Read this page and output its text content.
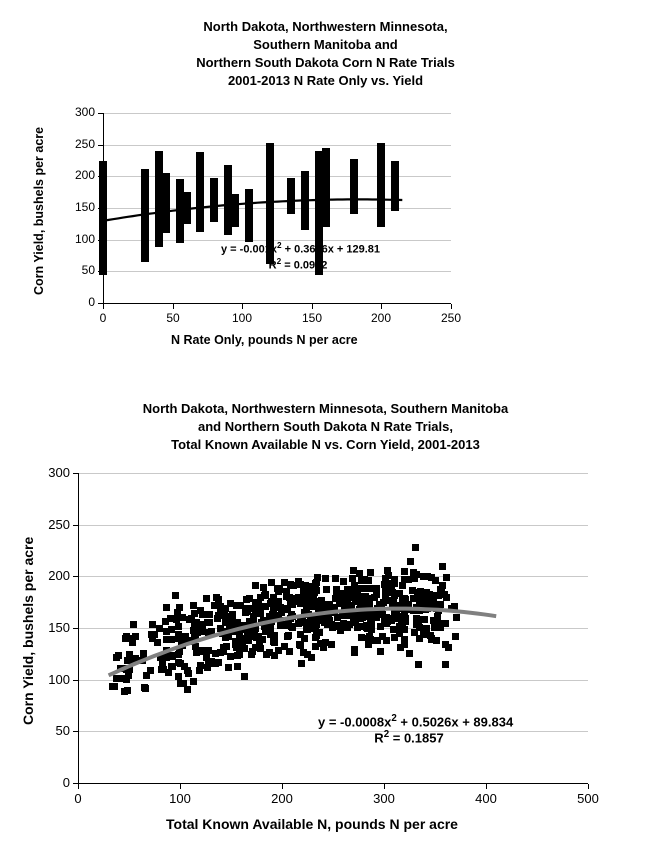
North Dakota, Northwestern Minnesota,
Southern Manitoba and
Northern South Dakota Corn N Rate Trials
2001-2013 N Rate Only vs. Yield
0
50
100
150
200
250
300
0	50	100	150	200	250
$y = -0.001x^2 + 0.3676x + 129.81$
$R^2 = 0.0952$
Corn Yield, bushels per acre
N Rate Only, pounds N per acre
North Dakota, Northwestern Minnesota, Southern Manitoba
and Northern South Dakota N Rate Trials,
Total Known Available N vs. Corn Yield, 2001-2013
0
50
100
150
200
250
300
0	100	200	300	400	500
$y = -0.0008x^2 + 0.5026x + 89.834$
$R^2 = 0.1857$
Corn Yield, bushels per acre
Total Known Available N, pounds N per acre
